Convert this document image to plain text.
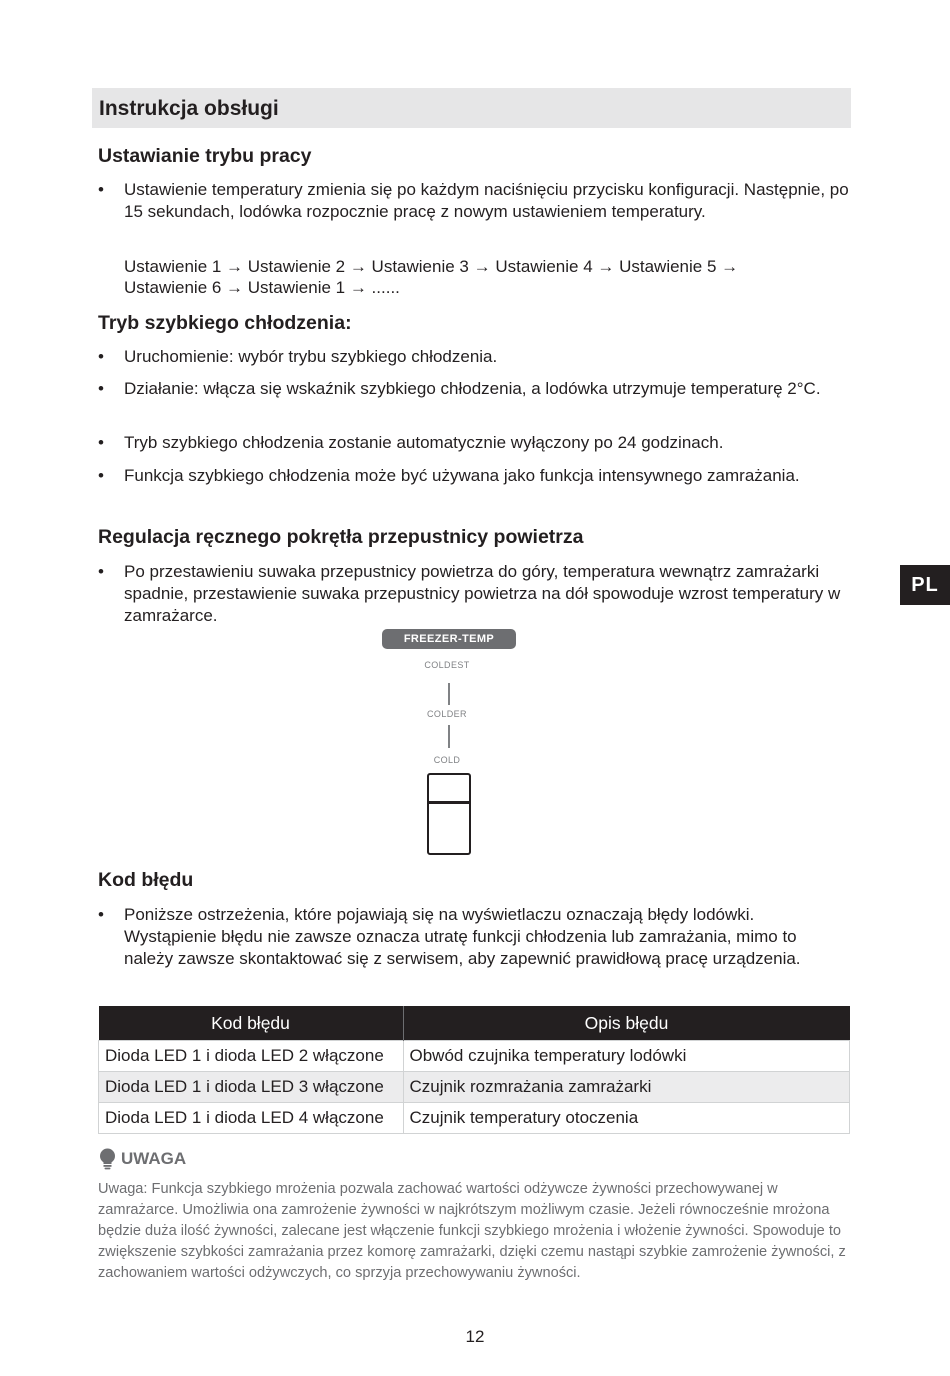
Instrukcja obsługi
PL
Ustawianie trybu pracy
•	Ustawienie temperatury zmienia się po każdym naciśnięciu przycisku konfiguracji. Następnie, po 15 sekundach, lodówka rozpocznie pracę z nowym ustawieniem temperatury.
Ustawienie 1 → Ustawienie 2 → Ustawienie 3 → Ustawienie 4 → Ustawienie 5 →
Ustawienie 6 → Ustawienie 1 → ......
Tryb szybkiego chłodzenia:
•	Uruchomienie: wybór trybu szybkiego chłodzenia.
•	Działanie: włącza się wskaźnik szybkiego chłodzenia, a lodówka utrzymuje temperaturę 2°C.
•	Tryb szybkiego chłodzenia zostanie automatycznie wyłączony po 24 godzinach.
•	Funkcja szybkiego chłodzenia może być używana jako funkcja intensywnego zamrażania.
Regulacja ręcznego pokrętła przepustnicy powietrza
•	Po przestawieniu suwaka przepustnicy powietrza do góry, temperatura wewnątrz zamrażarki spadnie, przestawienie suwaka przepustnicy powietrza na dół spowoduje wzrost temperatury w zamrażarce.
FREEZER-TEMP
COLDEST
COLDER
COLD
Kod błędu
•	Poniższe ostrzeżenia, które pojawiają się na wyświetlaczu oznaczają błędy lodówki. Wystąpienie błędu nie zawsze oznacza utratę funkcji chłodzenia lub zamrażania, mimo to należy zawsze skontaktować się z serwisem, aby zapewnić prawidłową pracę urządzenia.
Kod błędu	Opis błędu
Dioda LED 1 i dioda LED 2 włączone	Obwód czujnika temperatury lodówki
Dioda LED 1 i dioda LED 3 włączone	Czujnik rozmrażania zamrażarki
Dioda LED 1 i dioda LED 4 włączone	Czujnik temperatury otoczenia
UWAGA
Uwaga: Funkcja szybkiego mrożenia pozwala zachować wartości odżywcze żywności przechowywanej w zamrażarce. Umożliwia ona zamrożenie żywności w najkrótszym możliwym czasie. Jeżeli równocześnie mrożona będzie duża ilość żywności, zalecane jest włączenie funkcji szybkiego mrożenia i włożenie żywności. Spowoduje to zwiększenie szybkości zamrażania przez komorę zamrażarki, dzięki czemu nastąpi szybkie zamrożenie żywności, z zachowaniem wartości odżywczych, co sprzyja przechowywaniu żywności.
12
